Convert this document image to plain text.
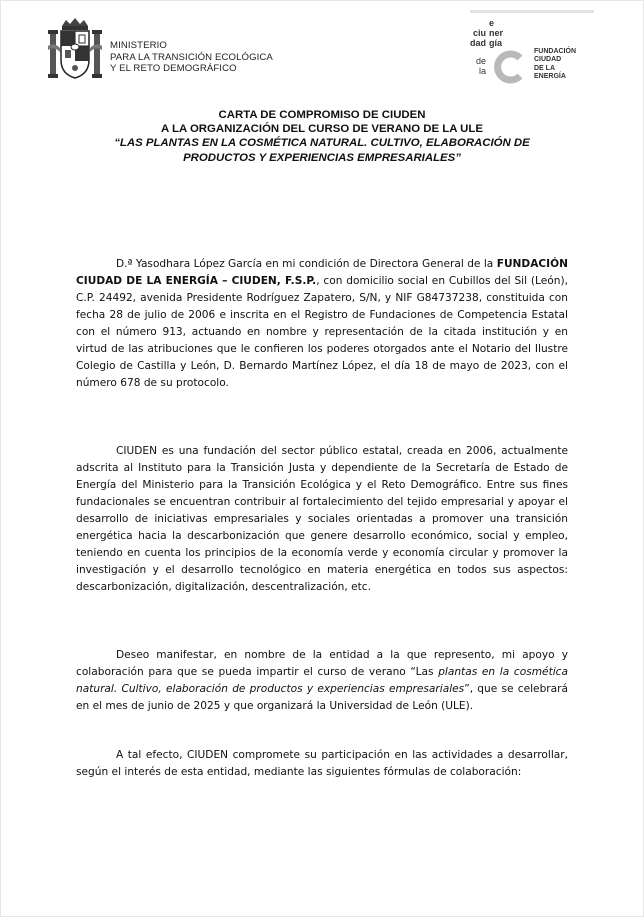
MINISTERIO
PARA LA TRANSICIÓN ECOLÓGICA
Y EL RETO DEMOGRÁFICO
ciu
dad
de
la
e
ner
gía
FUNDACIÓN
CIUDAD
DE LA
ENERGÍA
CARTA DE COMPROMISO DE CIUDEN
A LA ORGANIZACIÓN DEL CURSO DE VERANO DE LA ULE
“LAS PLANTAS EN LA COSMÉTICA NATURAL. CULTIVO, ELABORACIÓN DE
PRODUCTOS Y EXPERIENCIAS EMPRESARIALES”

D.ª Yasodhara López García en mi condición de Directora General de la FUNDACIÓN CIUDAD DE LA ENERGÍA – CIUDEN, F.S.P., con domicilio social en Cubillos del Sil (León), C.P. 24492, avenida Presidente Rodríguez Zapatero, S/N, y NIF G84737238, constituida con fecha 28 de julio de 2006 e inscrita en el Registro de Fundaciones de Competencia Estatal con el número 913, actuando en nombre y representación de la citada institución y en virtud de las atribuciones que le confieren los poderes otorgados ante el Notario del Ilustre Colegio de Castilla y León, D. Bernardo Martínez López, el día 18 de mayo de 2023, con el número 678 de su protocolo.

CIUDEN es una fundación del sector público estatal, creada en 2006, actualmente adscrita al Instituto para la Transición Justa y dependiente de la Secretaría de Estado de Energía del Ministerio para la Transición Ecológica y el Reto Demográfico. Entre sus fines fundacionales se encuentran contribuir al fortalecimiento del tejido empresarial y apoyar el desarrollo de iniciativas empresariales y sociales orientadas a promover una transición energética hacia la descarbonización que genere desarrollo económico, social y empleo, teniendo en cuenta los principios de la economía verde y economía circular y promover la investigación y el desarrollo tecnológico en materia energética en todos sus aspectos: descarbonización, digitalización, descentralización, etc.

Deseo manifestar, en nombre de la entidad a la que represento, mi apoyo y colaboración para que se pueda impartir el curso de verano “Las plantas en la cosmética natural. Cultivo, elaboración de productos y experiencias empresariales”, que se celebrará en el mes de junio de 2025 y que organizará la Universidad de León (ULE).

A tal efecto, CIUDEN compromete su participación en las actividades a desarrollar, según el interés de esta entidad, mediante las siguientes fórmulas de colaboración:
